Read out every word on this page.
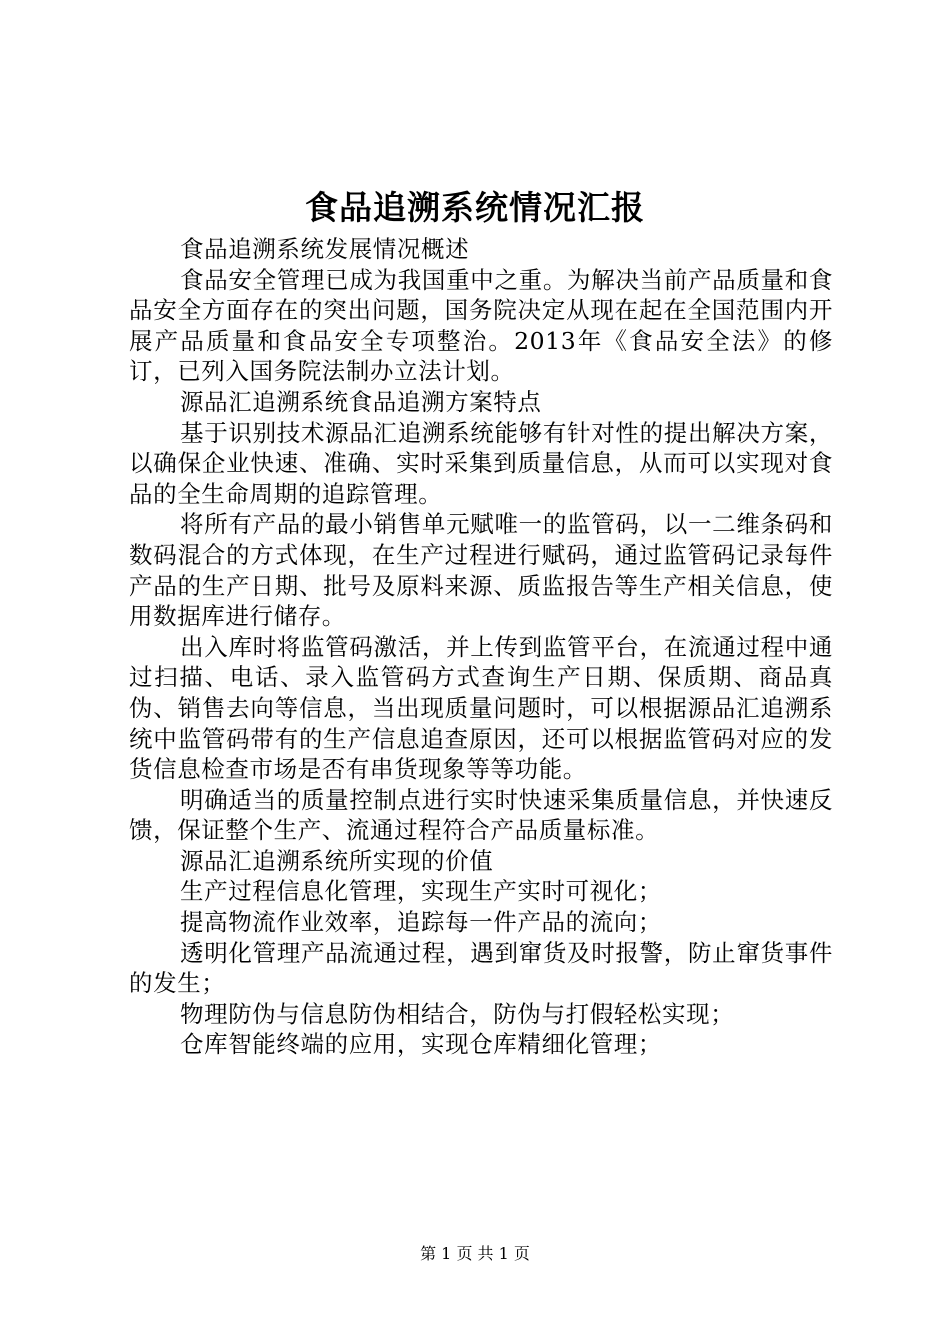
食品追溯系统情况汇报

食品追溯系统发展情况概述

食品安全管理已成为我国重中之重。为解决当前产品质量和食品安全方面存在的突出问题，国务院决定从现在起在全国范围内开展产品质量和食品安全专项整治。2013年《食品安全法》的修订，已列入国务院法制办立法计划。

源品汇追溯系统食品追溯方案特点

基于识别技术源品汇追溯系统能够有针对性的提出解决方案，以确保企业快速、准确、实时采集到质量信息，从而可以实现对食品的全生命周期的追踪管理。

将所有产品的最小销售单元赋唯一的监管码，以一二维条码和数码混合的方式体现，在生产过程进行赋码，通过监管码记录每件产品的生产日期、批号及原料来源、质监报告等生产相关信息，使用数据库进行储存。

出入库时将监管码激活，并上传到监管平台，在流通过程中通过扫描、电话、录入监管码方式查询生产日期、保质期、商品真伪、销售去向等信息，当出现质量问题时，可以根据源品汇追溯系统中监管码带有的生产信息追查原因，还可以根据监管码对应的发货信息检查市场是否有串货现象等等功能。

明确适当的质量控制点进行实时快速采集质量信息，并快速反馈，保证整个生产、流通过程符合产品质量标准。

源品汇追溯系统所实现的价值

生产过程信息化管理，实现生产实时可视化；

提高物流作业效率，追踪每一件产品的流向；

透明化管理产品流通过程，遇到窜货及时报警，防止窜货事件的发生；

物理防伪与信息防伪相结合，防伪与打假轻松实现；

仓库智能终端的应用，实现仓库精细化管理；

第 1 页 共 1 页
